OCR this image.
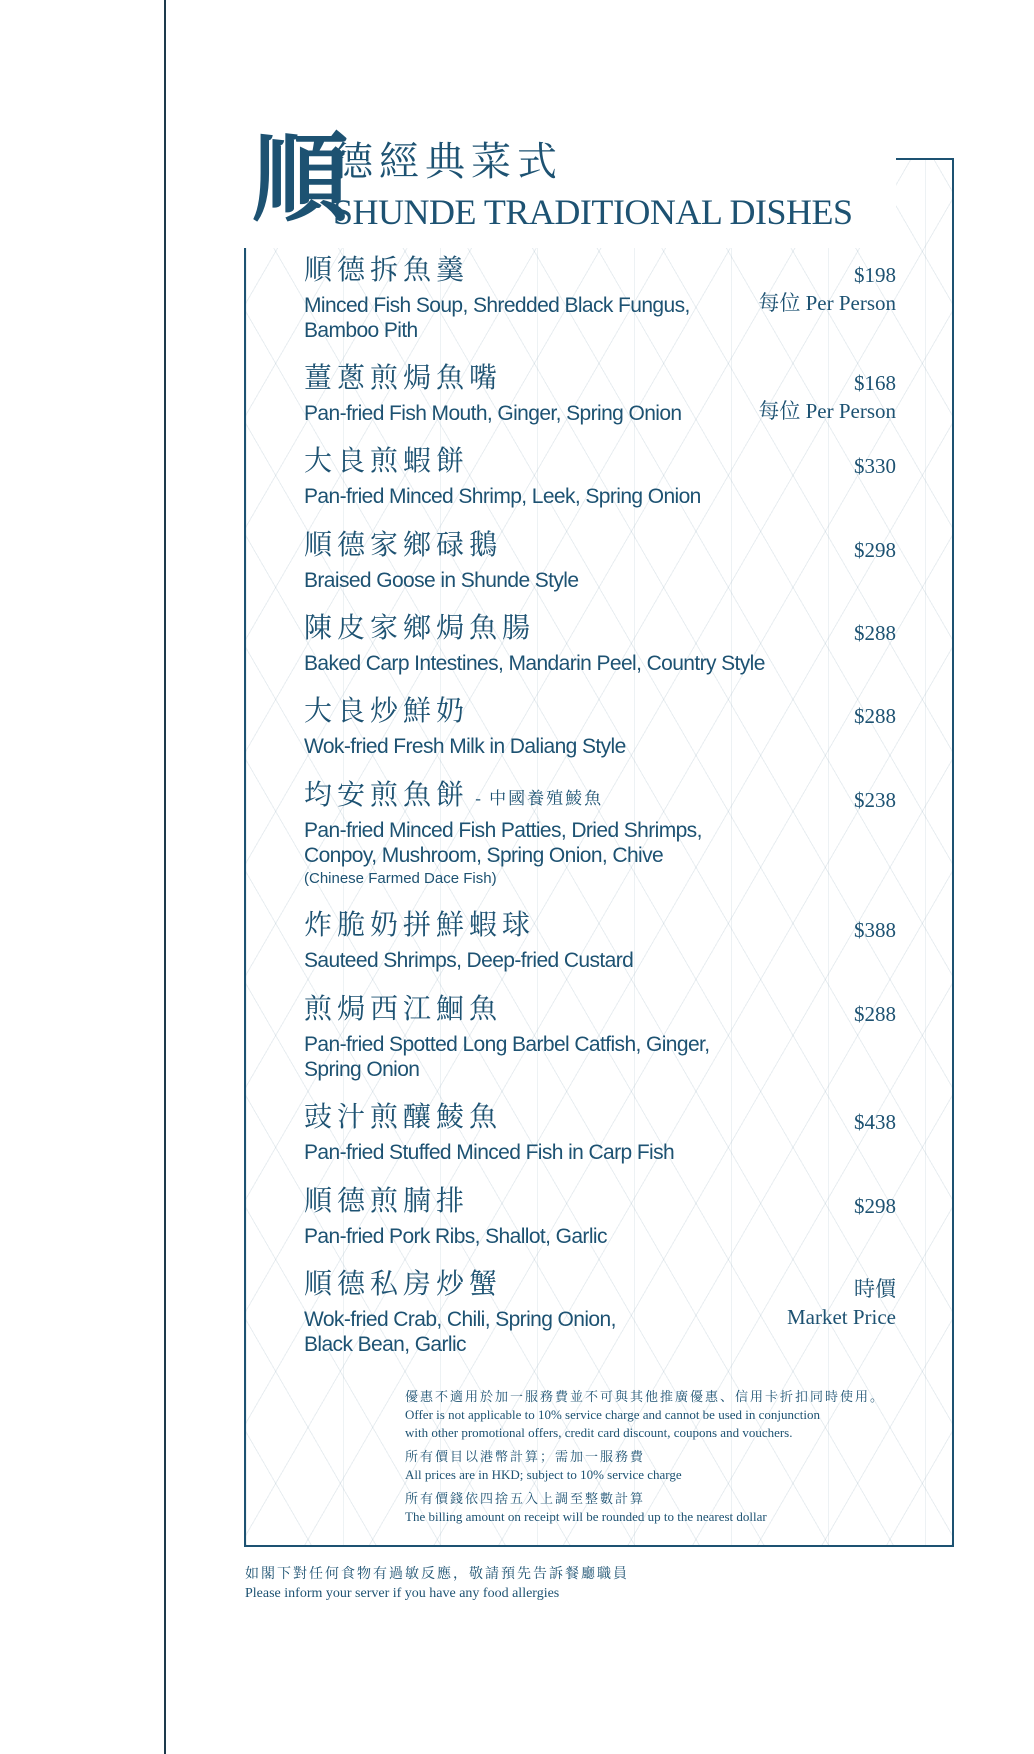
順
德經典菜式
SHUNDE TRADITIONAL DISHES
順德拆魚羹
Minced Fish Soup, Shredded Black Fungus,
Bamboo Pith
$198
每位 Per Person
薑蔥煎焗魚嘴
Pan-fried Fish Mouth, Ginger, Spring Onion
$168
每位 Per Person
大良煎蝦餅
Pan-fried Minced Shrimp, Leek, Spring Onion
$330
順德家鄉碌鵝
Braised Goose in Shunde Style
$298
陳皮家鄉焗魚腸
Baked Carp Intestines, Mandarin Peel, Country Style
$288
大良炒鮮奶
Wok-fried Fresh Milk in Daliang Style
$288
均安煎魚餅 - 中國養殖鯪魚
Pan-fried Minced Fish Patties, Dried Shrimps,
Conpoy, Mushroom, Spring Onion, Chive
(Chinese Farmed Dace Fish)
$238
炸脆奶拼鮮蝦球
Sauteed Shrimps, Deep-fried Custard
$388
煎焗西江鮰魚
Pan-fried Spotted Long Barbel Catfish, Ginger,
Spring Onion
$288
豉汁煎釀鯪魚
Pan-fried Stuffed Minced Fish in Carp Fish
$438
順德煎腩排
Pan-fried Pork Ribs, Shallot, Garlic
$298
順德私房炒蟹
Wok-fried Crab, Chili, Spring Onion,
Black Bean, Garlic
時價
Market Price
優惠不適用於加一服務費並不可與其他推廣優惠、信用卡折扣同時使用。
Offer is not applicable to 10% service charge and cannot be used in conjunction
with other promotional offers, credit card discount, coupons and vouchers.
所有價目以港幣計算；需加一服務費
All prices are in HKD; subject to 10% service charge
所有價錢依四捨五入上調至整數計算
The billing amount on receipt will be rounded up to the nearest dollar
如閣下對任何食物有過敏反應，敬請預先告訴餐廳職員
Please inform your server if you have any food allergies
